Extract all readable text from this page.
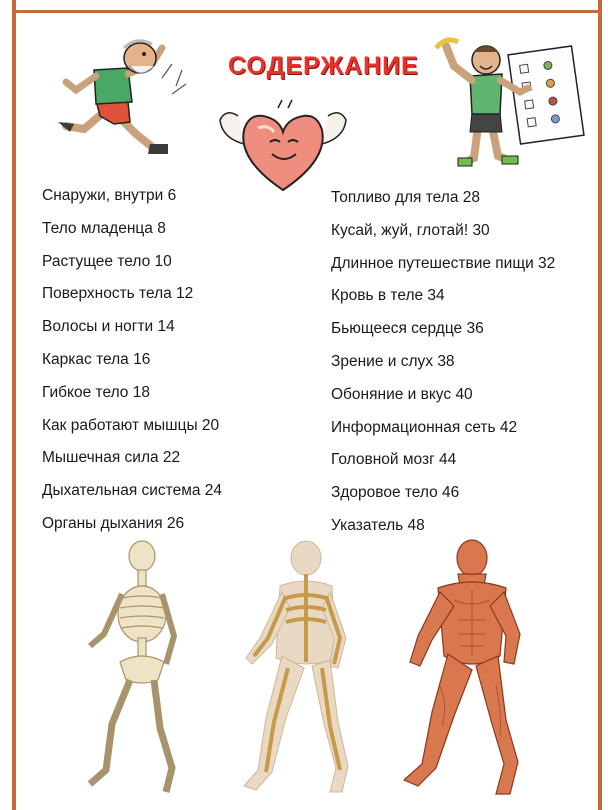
СОДЕРЖАНИЕ
Снаружи, внутри 6
Тело младенца 8
Растущее тело 10
Поверхность тела 12
Волосы и ногти 14
Каркас тела 16
Гибкое тело 18
Как работают мышцы 20
Мышечная сила 22
Дыхательная система 24
Органы дыхания 26
Топливо для тела 28
Кусай, жуй, глотай! 30
Длинное путешествие пищи 32
Кровь в теле 34
Бьющееся сердце 36
Зрение и слух 38
Обоняние и вкус 40
Информационная сеть 42
Головной мозг 44
Здоровое тело 46
Указатель 48
